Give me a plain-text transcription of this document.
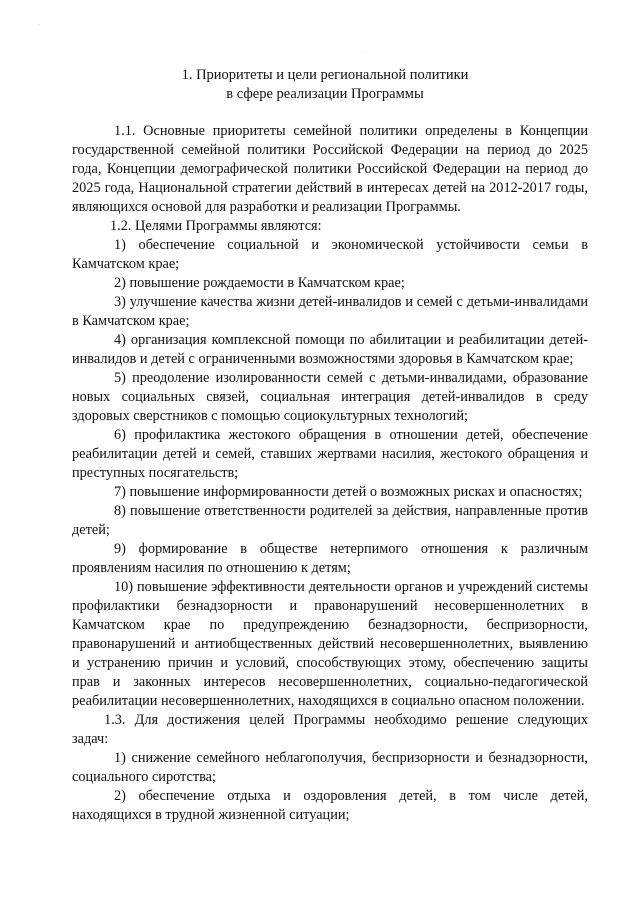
·
·
1. Приоритеты и цели региональной политики
в сфере реализации Программы

1.1. Основные приоритеты семейной политики определены в Концепции государственной семейной политики Российской Федерации на период до 2025 года, Концепции демографической политики Российской Федерации на период до 2025 года, Национальной стратегии действий в интересах детей на 2012-2017 годы, являющихся основой для разработки и реализации Программы.

1.2. Целями Программы являются:

1) обеспечение социальной и экономической устойчивости семьи в Камчатском крае;

2) повышение рождаемости в Камчатском крае;

3) улучшение качества жизни детей-инвалидов и семей с детьми-инвалидами в Камчатском крае;

4) организация комплексной помощи по абилитации и реабилитации детей-инвалидов и детей с ограниченными возможностями здоровья в Камчатском крае;

5) преодоление изолированности семей с детьми-инвалидами, образование новых социальных связей, социальная интеграция детей-инвалидов в среду здоровых сверстников с помощью социокультурных технологий;

6) профилактика жестокого обращения в отношении детей, обеспечение реабилитации детей и семей, ставших жертвами насилия, жестокого обращения и преступных посягательств;

7) повышение информированности детей о возможных рисках и опасностях;

8) повышение ответственности родителей за действия, направленные против детей;

9) формирование в обществе нетерпимого отношения к различным проявлениям насилия по отношению к детям;

10) повышение эффективности деятельности органов и учреждений системы профилактики безнадзорности и правонарушений несовершеннолетних в Камчатском крае по предупреждению безнадзорности, беспризорности, правонарушений и антиобщественных действий несовершеннолетних, выявлению и устранению причин и условий, способствующих этому, обеспечению защиты прав и законных интересов несовершеннолетних, социально-педагогической реабилитации несовершеннолетних, находящихся в социально опасном положении.

1.3. Для достижения целей Программы необходимо решение следующих задач:

1) снижение семейного неблагополучия, беспризорности и безнадзорности, социального сиротства;

2) обеспечение отдыха и оздоровления детей, в том числе детей, находящихся в трудной жизненной ситуации;
